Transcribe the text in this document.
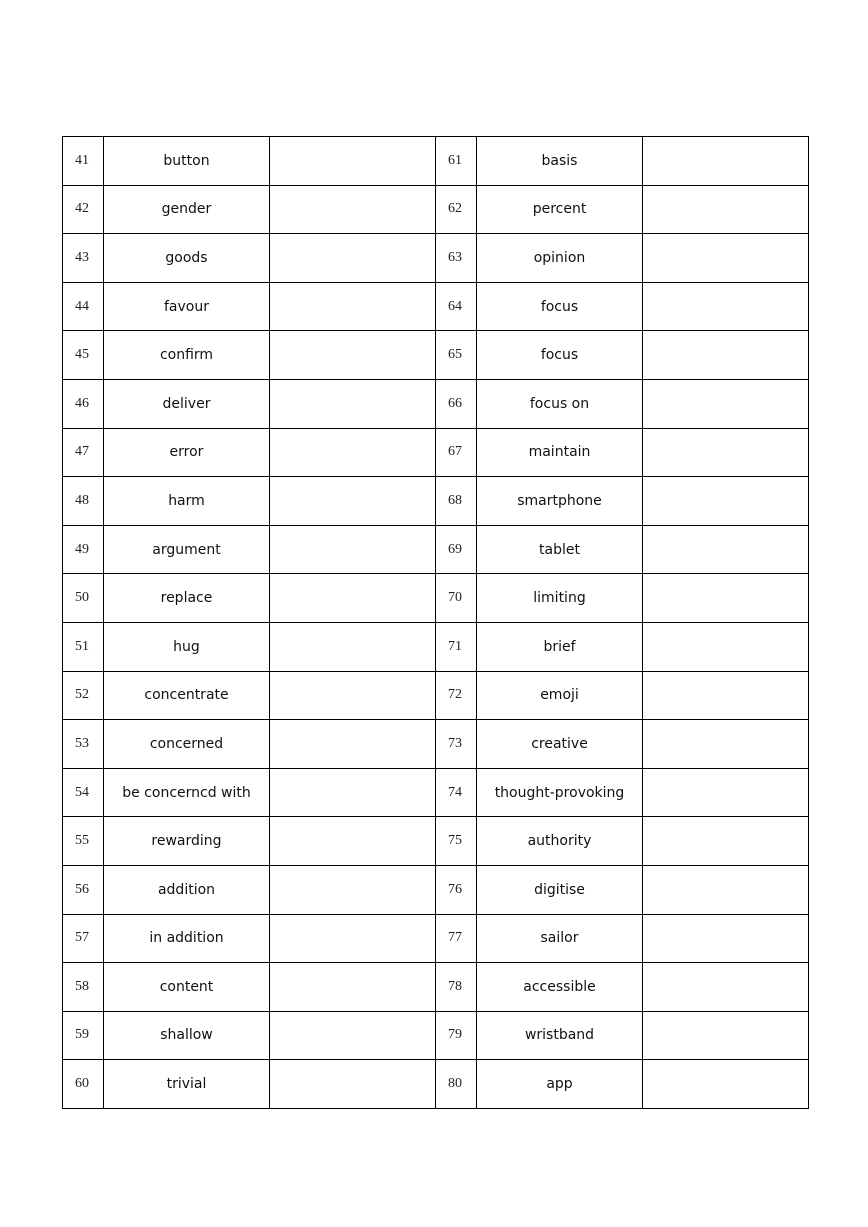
41	button		61	basis	
42	gender		62	percent	
43	goods		63	opinion	
44	favour		64	focus	
45	confirm		65	focus	
46	deliver		66	focus on	
47	error		67	maintain	
48	harm		68	smartphone	
49	argument		69	tablet	
50	replace		70	limiting	
51	hug		71	brief	
52	concentrate		72	emoji	
53	concerned		73	creative	
54	be concerncd with		74	thought-provoking	
55	rewarding		75	authority	
56	addition		76	digitise	
57	in addition		77	sailor	
58	content		78	accessible	
59	shallow		79	wristband	
60	trivial		80	app	
